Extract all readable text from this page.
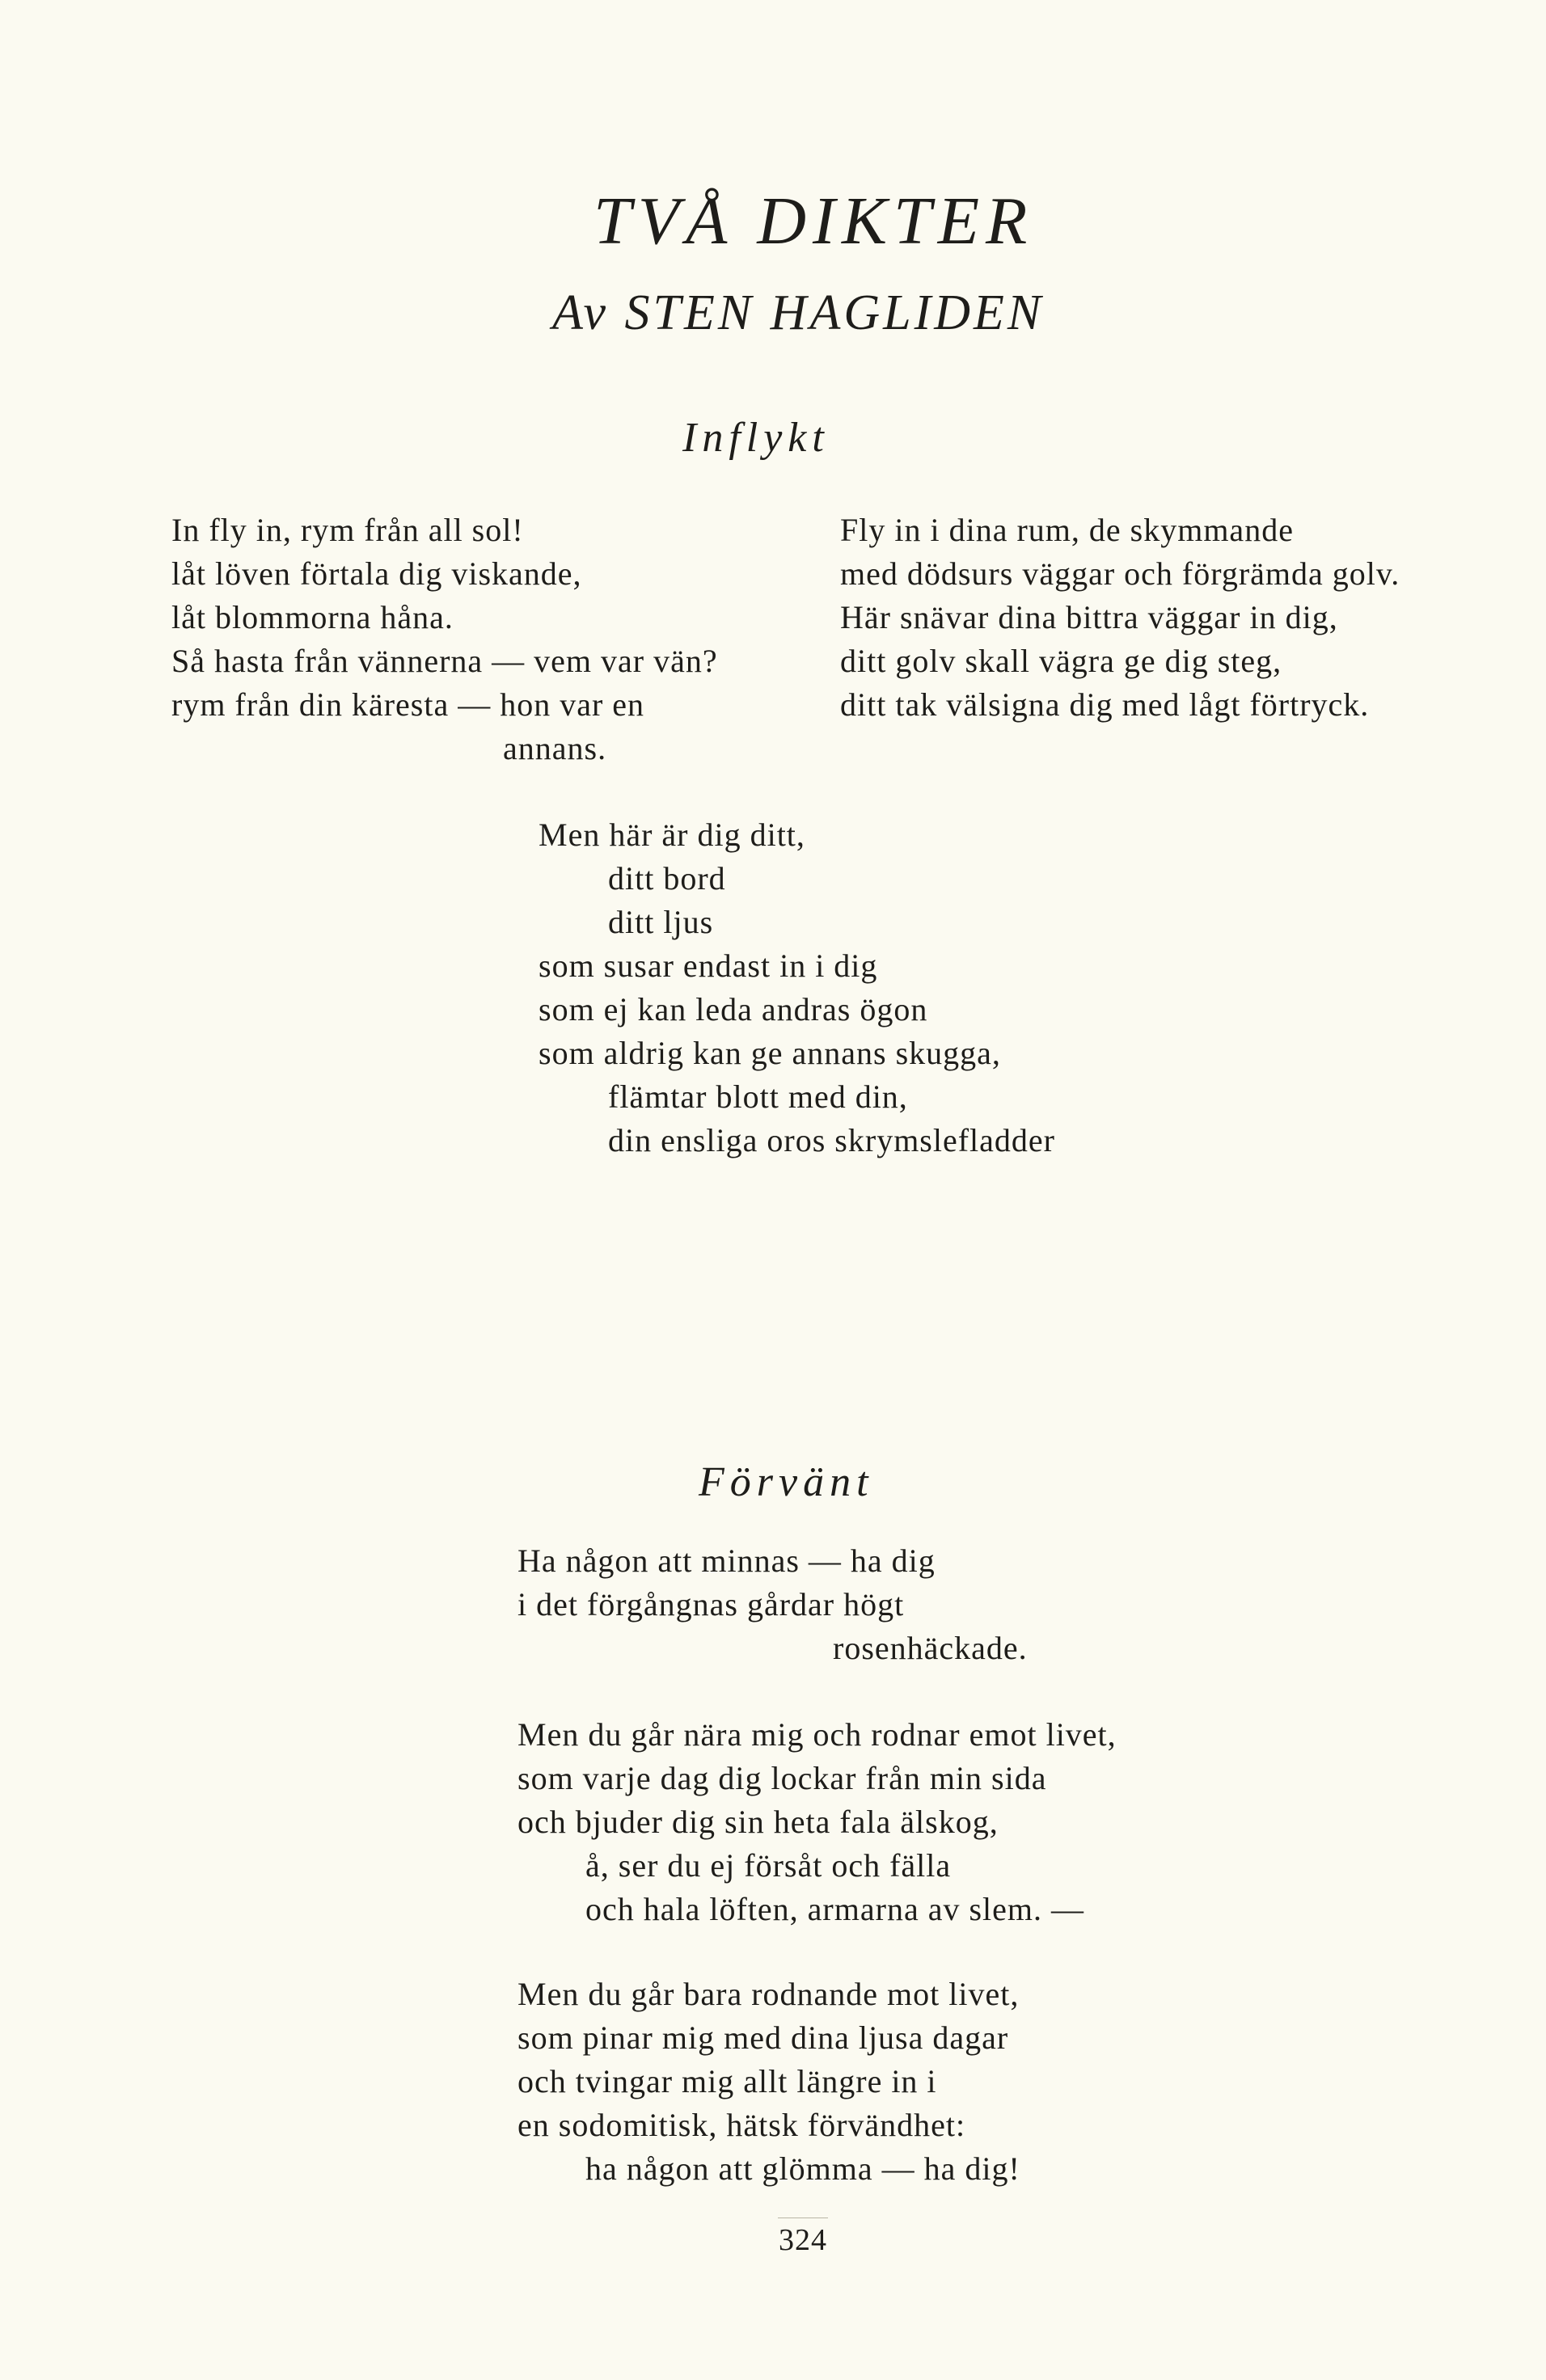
TVÅ DIKTER
Av STEN HAGLIDEN
Inflykt
In fly in, rym från all sol!
låt löven förtala dig viskande,
låt blommorna håna.
Så hasta från vännerna — vem var vän?
rym från din käresta — hon var en
annans.
Fly in i dina rum, de skymmande
med dödsurs väggar och förgrämda golv.
Här snävar dina bittra väggar in dig,
ditt golv skall vägra ge dig steg,
ditt tak välsigna dig med lågt förtryck.
Men här är dig ditt,
ditt bord
ditt ljus
som susar endast in i dig
som ej kan leda andras ögon
som aldrig kan ge annans skugga,
flämtar blott med din,
din ensliga oros skrymslefladder
Förvänt
Ha någon att minnas — ha dig
i det förgångnas gårdar högt
rosenhäckade.
Men du går nära mig och rodnar emot livet,
som varje dag dig lockar från min sida
och bjuder dig sin heta fala älskog,
å, ser du ej försåt och fälla
och hala löften, armarna av slem. —
Men du går bara rodnande mot livet,
som pinar mig med dina ljusa dagar
och tvingar mig allt längre in i
en sodomitisk, hätsk förvändhet:
ha någon att glömma — ha dig!
324
